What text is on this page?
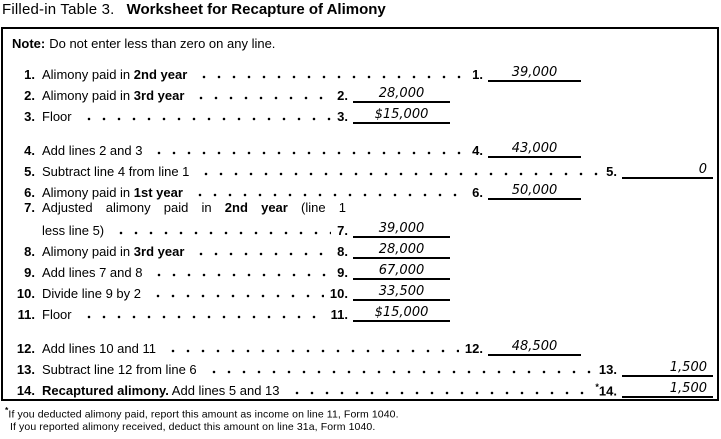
Filled-in Table 3. Worksheet for Recapture of Alimony
Note: Do not enter less than zero on any line.
1. Alimony paid in 2nd year	1.	39,000
2. Alimony paid in 3rd year	2.	28,000
3. Floor	3.	$15,000
4. Add lines 2 and 3	4.	43,000
5. Subtract line 4 from line 1	5.	0
6. Alimony paid in 1st year	6.	50,000
7. Adjusted alimony paid in 2nd year (line 1
less line 5)	7.	39,000
8. Alimony paid in 3rd year	8.	28,000
9. Add lines 7 and 8	9.	67,000
10. Divide line 9 by 2	10.	33,500
11. Floor	11.	$15,000
12. Add lines 10 and 11	12.	48,500
13. Subtract line 12 from line 6	13.	1,500
14. Recaptured alimony. Add lines 5 and 13	*14.	1,500
*If you deducted alimony paid, report this amount as income on line 11, Form 1040.
If you reported alimony received, deduct this amount on line 31a, Form 1040.
